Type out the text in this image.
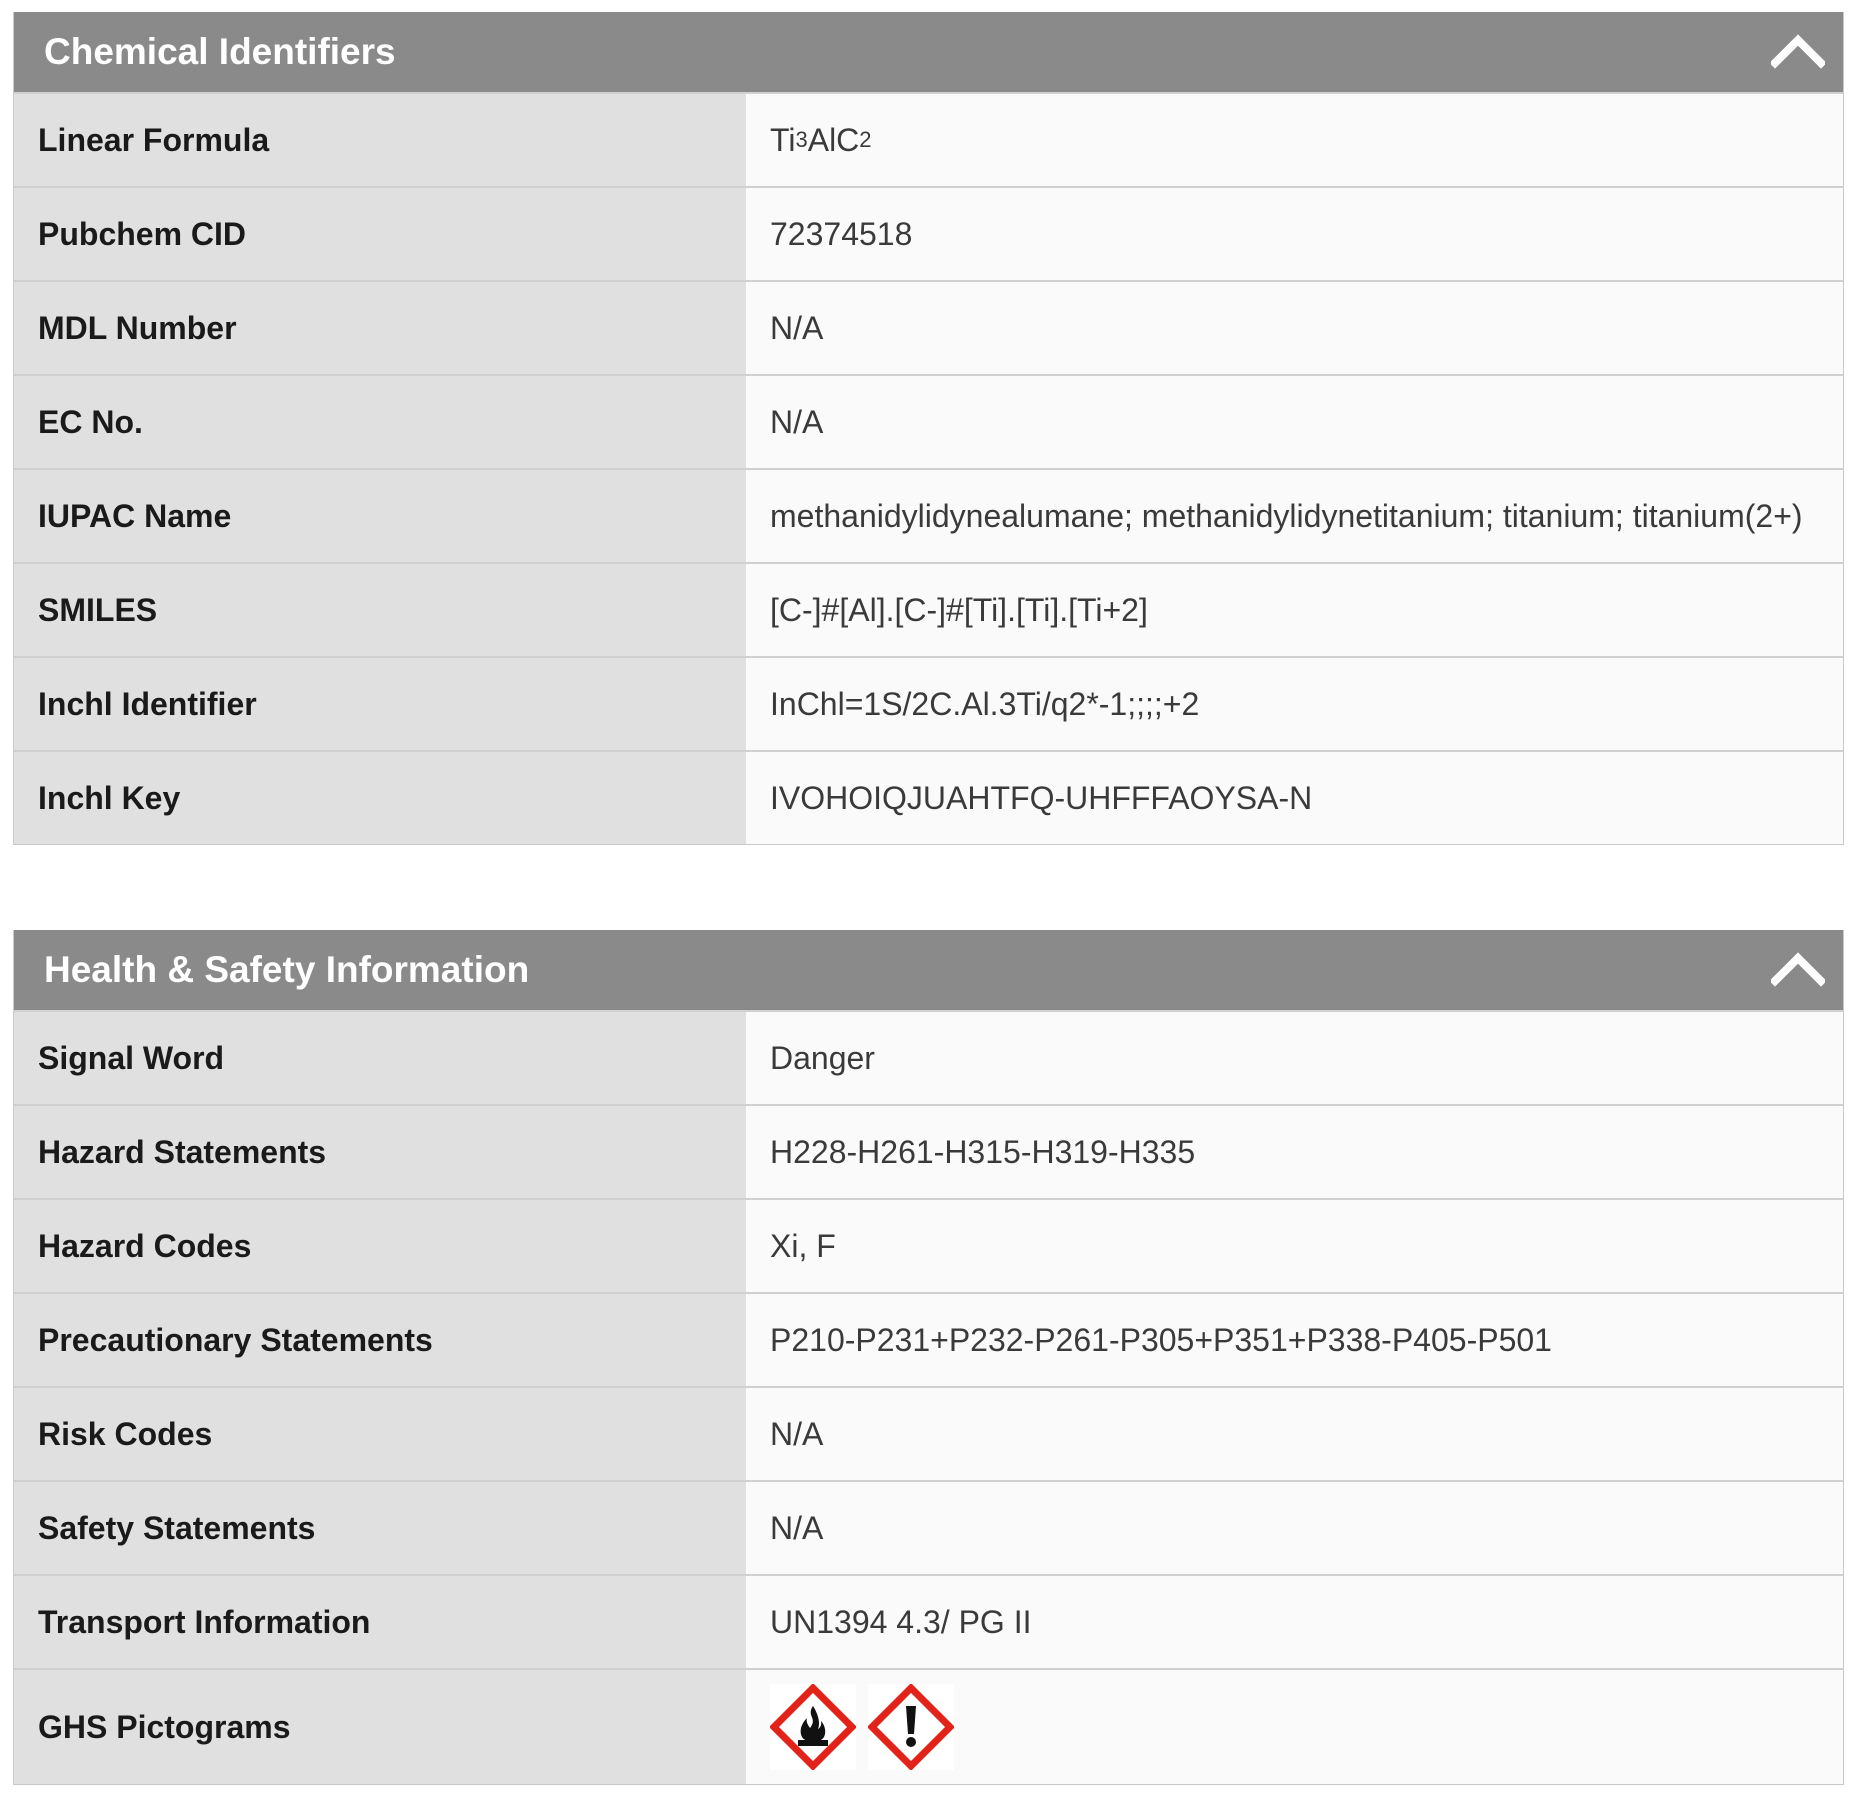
Chemical Identifiers
Linear Formula	Ti 3 AlC 2
Pubchem CID	72374518
MDL Number	N/A
EC No.	N/A
IUPAC Name	methanidylidynealumane; methanidylidynetitanium; titanium; titanium(2+)
SMILES	[C-]#[Al].[C-]#[Ti].[Ti].[Ti+2]
Inchl Identifier	InChl=1S/2C.Al.3Ti/q2*-1;;;;+2
Inchl Key	IVOHOIQJUAHTFQ-UHFFFAOYSA-N
Health & Safety Information
Signal Word	Danger
Hazard Statements	H228-H261-H315-H319-H335
Hazard Codes	Xi, F
Precautionary Statements	P210-P231+P232-P261-P305+P351+P338-P405-P501
Risk Codes	N/A
Safety Statements	N/A
Transport Information	UN1394 4.3/ PG II
GHS Pictograms
